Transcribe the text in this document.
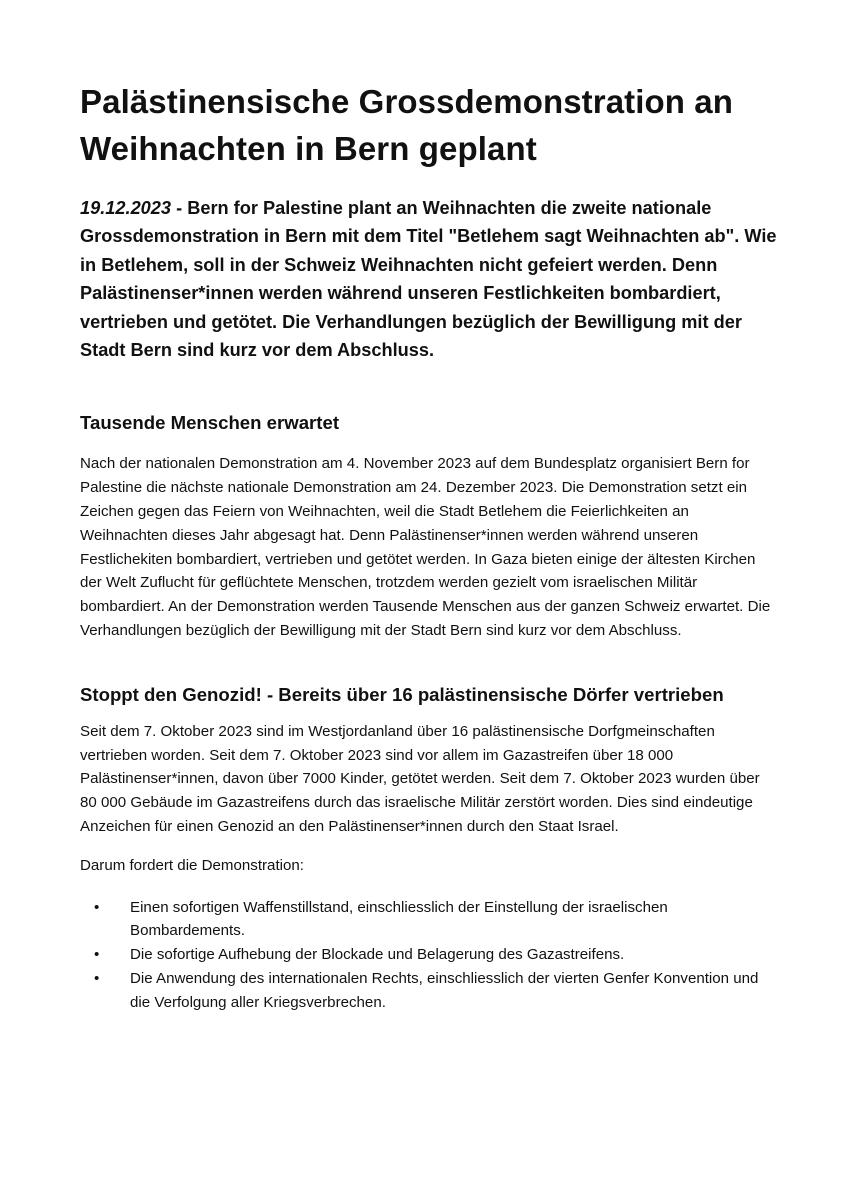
Palästinensische Grossdemonstration an Weihnachten in Bern geplant

19.12.2023 - Bern for Palestine plant an Weihnachten die zweite nationale Grossdemonstration in Bern mit dem Titel "Betlehem sagt Weihnachten ab". Wie in Betlehem, soll in der Schweiz Weihnachten nicht gefeiert werden. Denn Palästinenser*innen werden während unseren Festlichkeiten bombardiert, vertrieben und getötet. Die Verhandlungen bezüglich der Bewilligung mit der Stadt Bern sind kurz vor dem Abschluss.

Tausende Menschen erwartet

Nach der nationalen Demonstration am 4. November 2023 auf dem Bundesplatz organisiert Bern for Palestine die nächste nationale Demonstration am 24. Dezember 2023. Die Demonstration setzt ein Zeichen gegen das Feiern von Weihnachten, weil die Stadt Betlehem die Feierlichkeiten an Weihnachten dieses Jahr abgesagt hat. Denn Palästinenser*innen werden während unseren Festlichekiten bombardiert, vertrieben und getötet werden. In Gaza bieten einige der ältesten Kirchen der Welt Zuflucht für geflüchtete Menschen, trotzdem werden gezielt vom israelischen Militär bombardiert. An der Demonstration werden Tausende Menschen aus der ganzen Schweiz erwartet. Die Verhandlungen bezüglich der Bewilligung mit der Stadt Bern sind kurz vor dem Abschluss.

Stoppt den Genozid! - Bereits über 16 palästinensische Dörfer vertrieben

Seit dem 7. Oktober 2023 sind im Westjordanland über 16 palästinensische Dorfgmeinschaften vertrieben worden. Seit dem 7. Oktober 2023 sind vor allem im Gazastreifen über 18 000 Palästinenser*innen, davon über 7000 Kinder, getötet werden. Seit dem 7. Oktober 2023 wurden über 80 000 Gebäude im Gazastreifens durch das israelische Militär zerstört worden. Dies sind eindeutige Anzeichen für einen Genozid an den Palästinenser*innen durch den Staat Israel.

Darum fordert die Demonstration:

• Einen sofortigen Waffenstillstand, einschliesslich der Einstellung der israelischen Bombardements.
• Die sofortige Aufhebung der Blockade und Belagerung des Gazastreifens.
• Die Anwendung des internationalen Rechts, einschliesslich der vierten Genfer Konvention und die Verfolgung aller Kriegsverbrechen.
